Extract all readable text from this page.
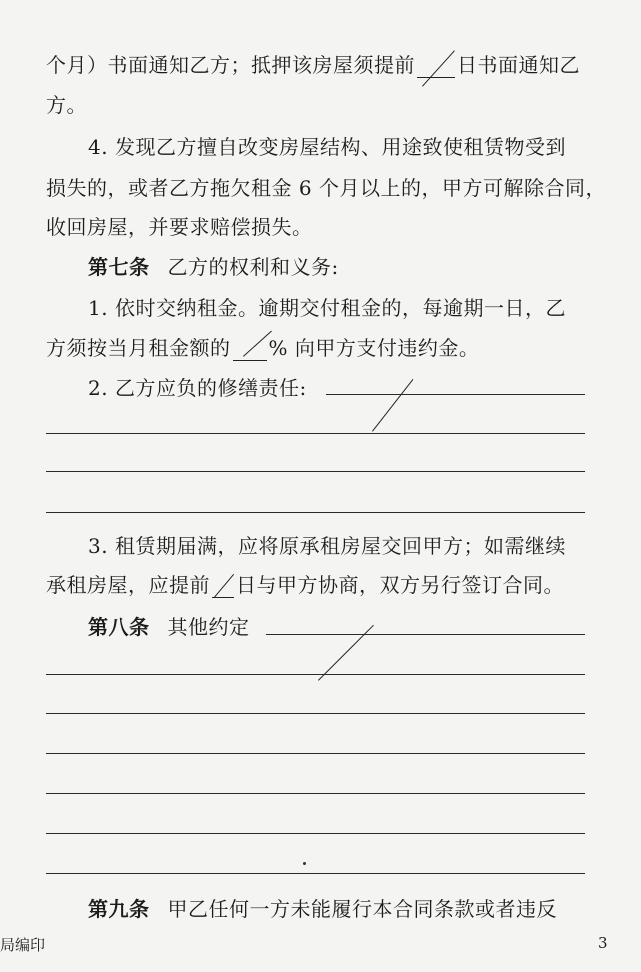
个月）书面通知乙方；抵押该房屋须提前 日书面通知乙
方。
4. 发现乙方擅自改变房屋结构、用途致使租赁物受到
损失的，或者乙方拖欠租金 6 个月以上的，甲方可解除合同，
收回房屋，并要求赔偿损失。
第七条 乙方的权利和义务:
1. 依时交纳租金。逾期交付租金的，每逾期一日，乙
方须按当月租金额的 % 向甲方支付违约金。
2. 乙方应负的修缮责任:
3. 租赁期届满，应将原承租房屋交回甲方；如需继续
承租房屋，应提前 日与甲方协商，双方另行签订合同。
第八条 其他约定
第九条 甲乙任何一方未能履行本合同条款或者违反
局编印	3
